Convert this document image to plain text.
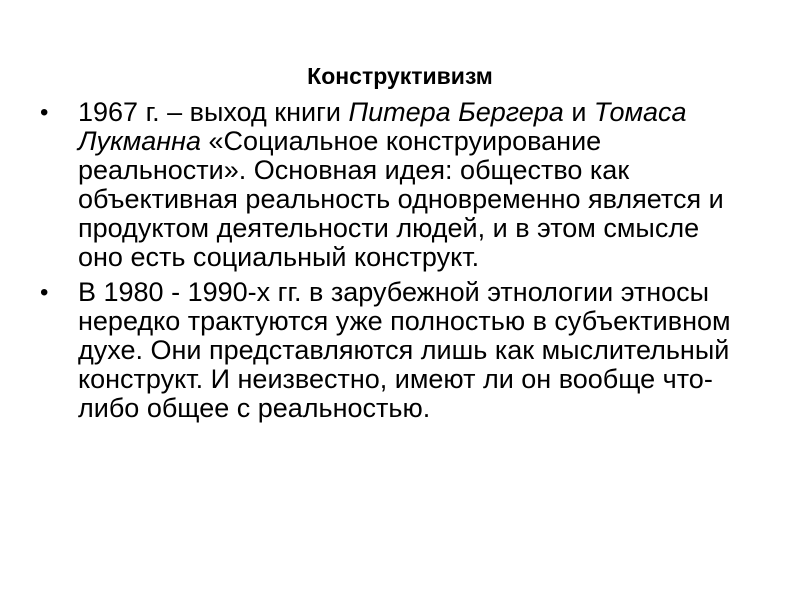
Конструктивизм
• 1967 г. – выход книги Питера Бергера и Томаса Лукманна «Социальное конструирование реальности». Основная идея: общество как объективная реальность одновременно является и продуктом деятельности людей, и в этом смысле оно есть социальный конструкт.
• В 1980 - 1990-х гг. в зарубежной этнологии этносы нередко трактуются уже полностью в субъективном духе. Они представляются лишь как мыслительный конструкт. И неизвестно, имеют ли он вообще что-либо общее с реальностью.
